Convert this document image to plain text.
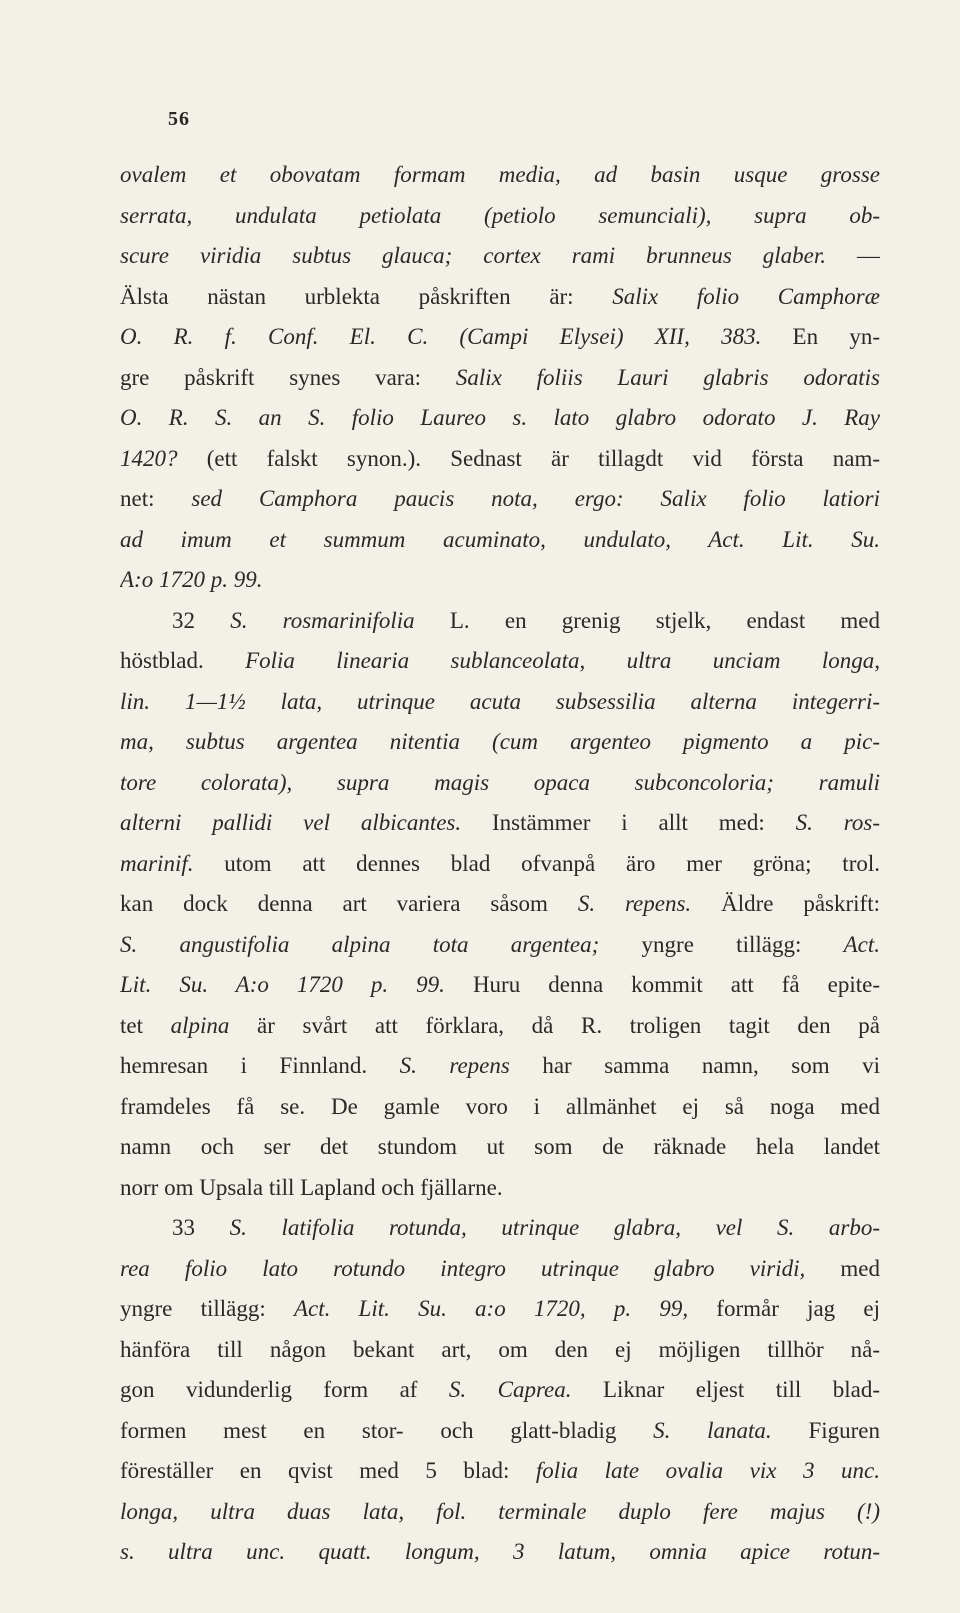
56
ovalem et obovatam formam media, ad basin usque grosse
serrata, undulata petiolata (petiolo semunciali), supra ob-
scure viridia subtus glauca; cortex rami brunneus glaber. —
Älsta nästan urblekta påskriften är: Salix folio Camphoræ
O. R. f. Conf. El. C. (Campi Elysei) XII, 383. En yn-
gre påskrift synes vara: Salix foliis Lauri glabris odoratis
O. R. S. an S. folio Laureo s. lato glabro odorato J. Ray
1420? (ett falskt synon.). Sednast är tillagdt vid första nam-
net: sed Camphora paucis nota, ergo: Salix folio latiori
ad imum et summum acuminato, undulato, Act. Lit. Su.
A:o 1720 p. 99.
32 S. rosmarinifolia L. en grenig stjelk, endast med
höstblad. Folia linearia sublanceolata, ultra unciam longa,
lin. 1—1½ lata, utrinque acuta subsessilia alterna integerri-
ma, subtus argentea nitentia (cum argenteo pigmento a pic-
tore colorata), supra magis opaca subconcoloria; ramuli
alterni pallidi vel albicantes. Instämmer i allt med: S. ros-
marinif. utom att dennes blad ofvanpå äro mer gröna; trol.
kan dock denna art variera såsom S. repens. Äldre påskrift:
S. angustifolia alpina tota argentea; yngre tillägg: Act.
Lit. Su. A:o 1720 p. 99. Huru denna kommit att få epite-
tet alpina är svårt att förklara, då R. troligen tagit den på
hemresan i Finnland. S. repens har samma namn, som vi
framdeles få se. De gamle voro i allmänhet ej så noga med
namn och ser det stundom ut som de räknade hela landet
norr om Upsala till Lapland och fjällarne.
33 S. latifolia rotunda, utrinque glabra, vel S. arbo-
rea folio lato rotundo integro utrinque glabro viridi, med
yngre tillägg: Act. Lit. Su. a:o 1720, p. 99, formår jag ej
hänföra till någon bekant art, om den ej möjligen tillhör nå-
gon vidunderlig form af S. Caprea. Liknar eljest till blad-
formen mest en stor- och glatt-bladig S. lanata. Figuren
föreställer en qvist med 5 blad: folia late ovalia vix 3 unc.
longa, ultra duas lata, fol. terminale duplo fere majus (!)
s. ultra unc. quatt. longum, 3 latum, omnia apice rotun-
